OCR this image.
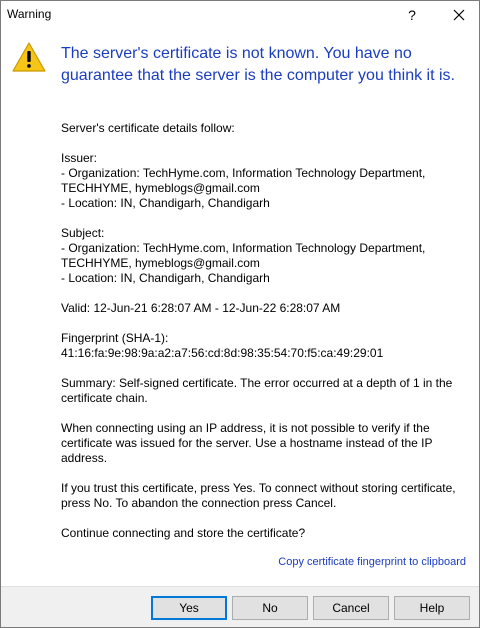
Warning	?
The server's certificate is not known. You have no guarantee that the server is the computer you think it is.

Server's certificate details follow:

Issuer:
- Organization: TechHyme.com, Information Technology Department, TECHHYME, hymeblogs@gmail.com
- Location: IN, Chandigarh, Chandigarh

Subject:
- Organization: TechHyme.com, Information Technology Department, TECHHYME, hymeblogs@gmail.com
- Location: IN, Chandigarh, Chandigarh

Valid: 12-Jun-21 6:28:07 AM - 12-Jun-22 6:28:07 AM

Fingerprint (SHA-1): 41:16:fa:9e:98:9a:a2:a7:56:cd:8d:98:35:54:70:f5:ca:49:29:01

Summary: Self-signed certificate. The error occurred at a depth of 1 in the certificate chain.

When connecting using an IP address, it is not possible to verify if the certificate was issued for the server. Use a hostname instead of the IP address.

If you trust this certificate, press Yes. To connect without storing certificate, press No. To abandon the connection press Cancel.

Continue connecting and store the certificate?

Copy certificate fingerprint to clipboard
Yes	No	Cancel	Help
